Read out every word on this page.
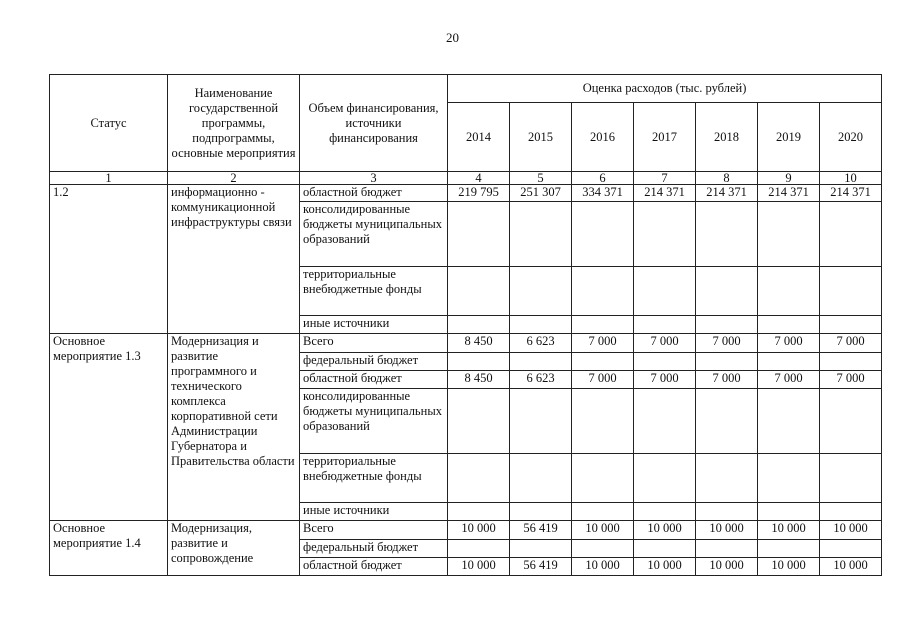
20
Статус	Наименование государственной программы, подпрограммы, основные мероприятия	Объем финансирования, источники финансирования	Оценка расходов (тыс. рублей)						
			2014	2015	2016	2017	2018	2019	2020
1	2	3	4	5	6	7	8	9	10
1.2	информационно - коммуникационной инфраструктуры связи	областной бюджет	219 795	251 307	334 371	214 371	214 371	214 371	214 371
		консолидированные бюджеты муниципальных образований							
		территориальные внебюджетные фонды							
		иные источники							
Основное мероприятие 1.3	Модернизация и развитие программного и технического комплекса корпоративной сети Администрации Губернатора и Правительства области	Всего	8 450	6 623	7 000	7 000	7 000	7 000	7 000
		федеральный бюджет							
		областной бюджет	8 450	6 623	7 000	7 000	7 000	7 000	7 000
		консолидированные бюджеты муниципальных образований							
		территориальные внебюджетные фонды							
		иные источники							
Основное мероприятие 1.4	Модернизация, развитие и сопровождение	Всего	10 000	56 419	10 000	10 000	10 000	10 000	10 000
		федеральный бюджет							
		областной бюджет	10 000	56 419	10 000	10 000	10 000	10 000	10 000
